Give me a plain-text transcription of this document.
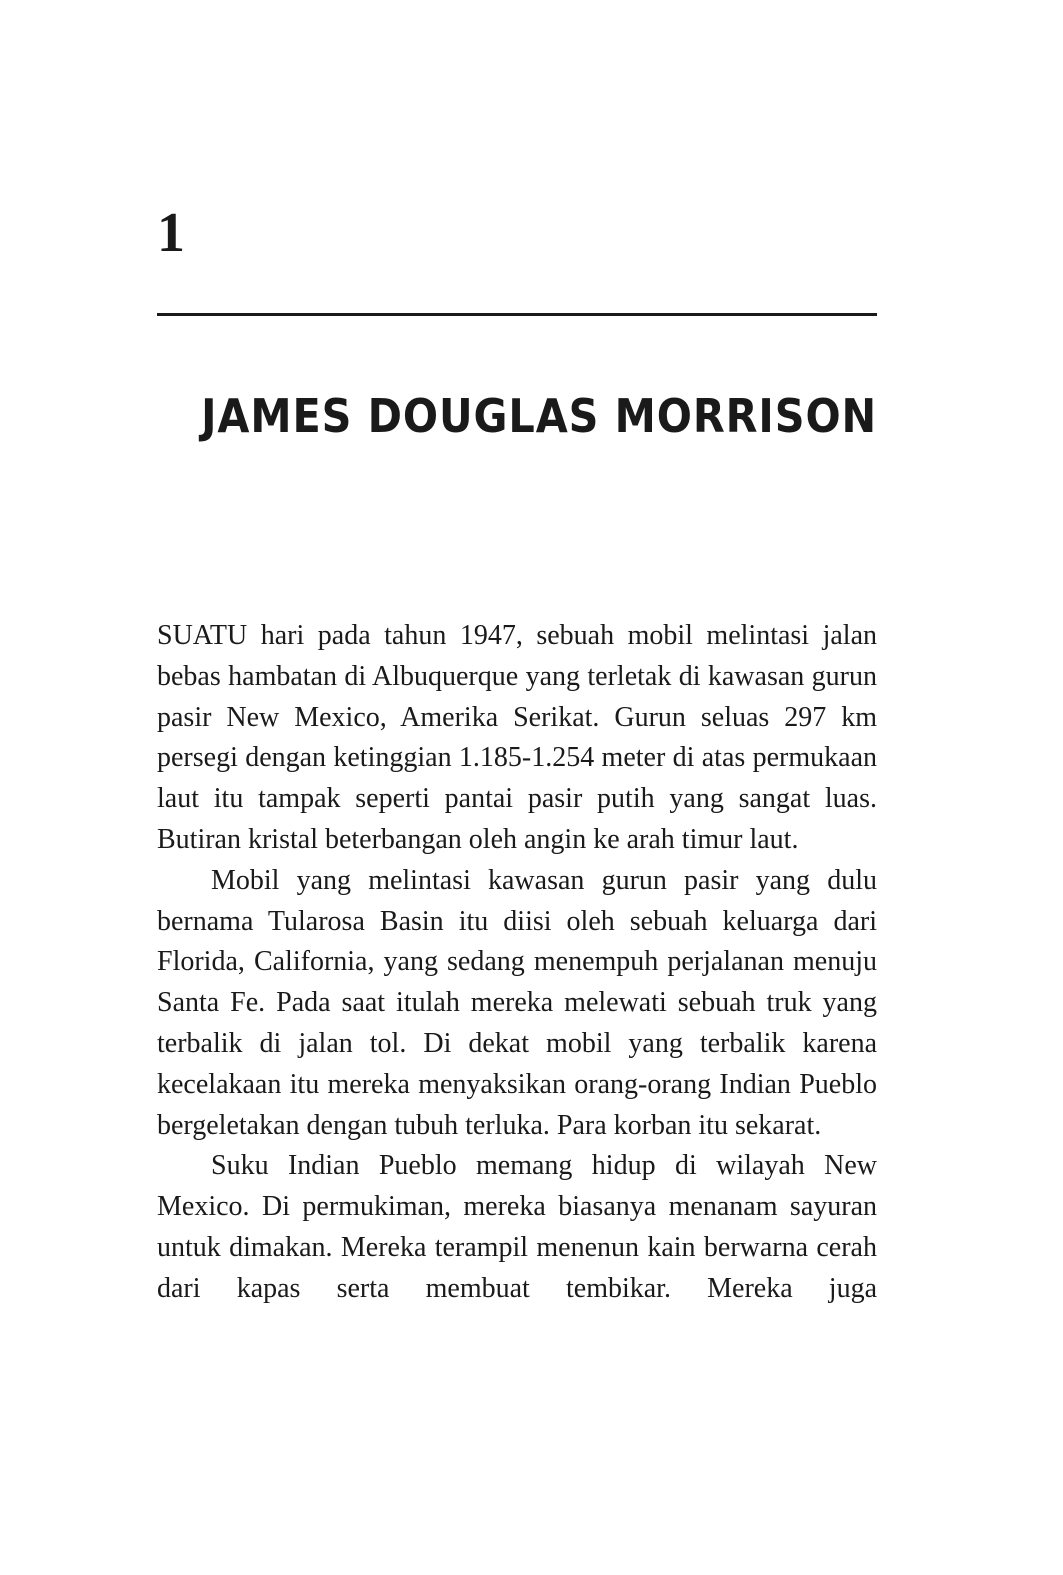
1
JAMES DOUGLAS MORRISON

SUATU hari pada tahun 1947, sebuah mobil melintasi jalan bebas hambatan di Albuquerque yang terletak di kawasan gurun pasir New Mexico, Amerika Serikat. Gurun seluas 297 km persegi dengan ketinggian 1.185-1.254 meter di atas permukaan laut itu tampak seperti pantai pasir putih yang sangat luas. Butiran kristal beterbangan oleh angin ke arah timur laut.

Mobil yang melintasi kawasan gurun pasir yang dulu bernama Tularosa Basin itu diisi oleh sebuah keluarga dari Florida, California, yang sedang menempuh perjalanan menuju Santa Fe. Pada saat itulah mereka melewati sebuah truk yang terbalik di jalan tol. Di dekat mobil yang terbalik karena kecelakaan itu mereka menyaksikan orang-orang Indian Pueblo bergeletakan dengan tubuh terluka. Para korban itu sekarat.

Suku Indian Pueblo memang hidup di wilayah New Mexico. Di permukiman, mereka biasanya menanam sayuran untuk dimakan. Mereka terampil menenun kain berwarna cerah dari kapas serta membuat tembikar. Mereka juga
